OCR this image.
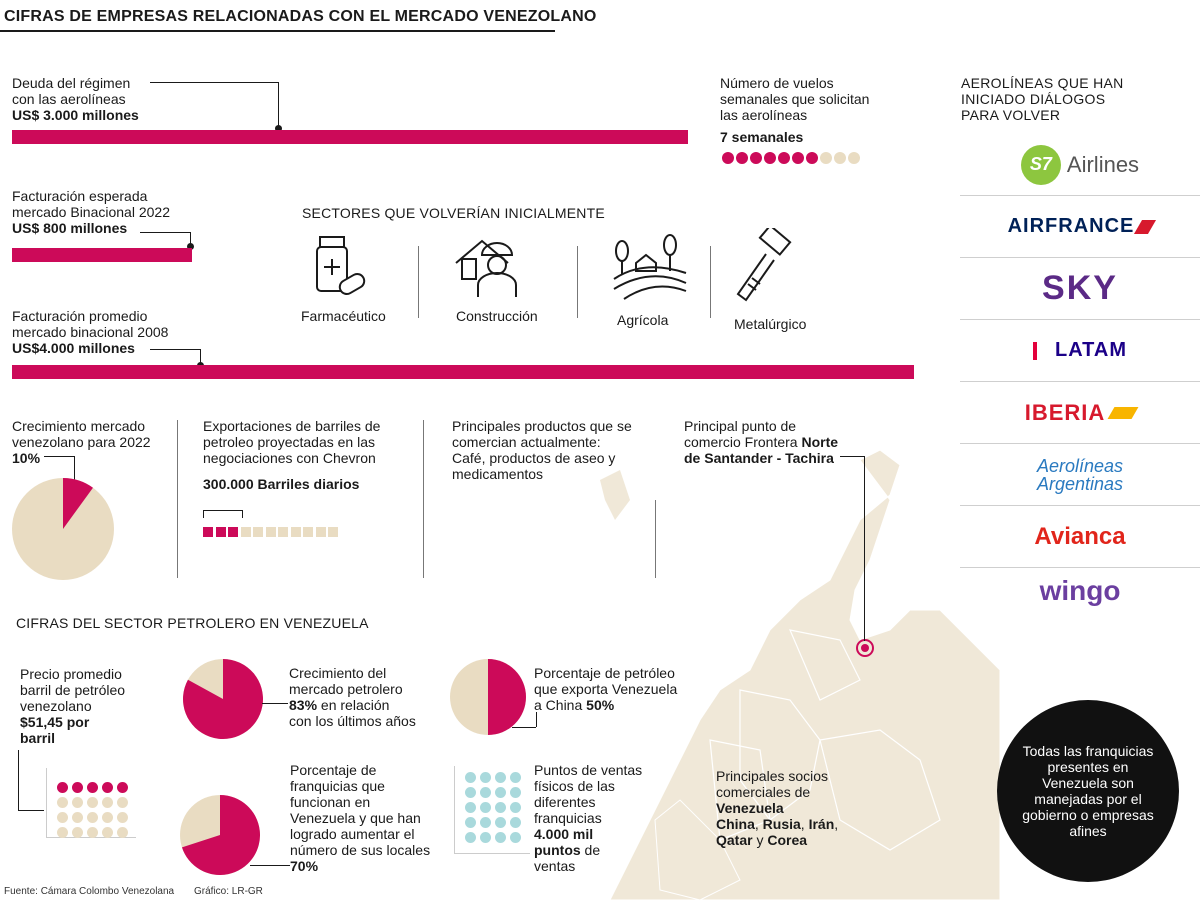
CIFRAS DE EMPRESAS RELACIONADAS CON EL MERCADO VENEZOLANO
Deuda del régimen
con las aerolíneas
US$ 3.000 millones
Número de vuelos
semanales que solicitan
las aerolíneas
7 semanales
Facturación esperada
mercado Binacional 2022
US$ 800 millones
SECTORES QUE VOLVERÍAN INICIALMENTE
Farmacéutico	Construcción	Agrícola	Metalúrgico
Facturación promedio
mercado binacional 2008
US$4.000 millones
AEROLÍNEAS QUE HAN
INICIADO DIÁLOGOS
PARA VOLVER
S7 Airlines
AIRFRANCE
SKY
LATAM
IBERIA
Aerolíneas
Argentinas
Avianca
wingo
Crecimiento mercado
venezolano para 2022
10%
Exportaciones de barriles de
petroleo proyectadas en las
negociaciones con Chevron
300.000 Barriles diarios
Principales productos que se
comercian actualmente:
Café, productos de aseo y
medicamentos
Principal punto de
comercio Frontera Norte
de Santander - Tachira
CIFRAS DEL SECTOR PETROLERO EN VENEZUELA
Precio promedio
barril de petróleo
venezolano
$51,45 por
barril
Crecimiento del
mercado petrolero
83% en relación
con los últimos años
Porcentaje de petróleo
que exporta Venezuela
a China 50%
Porcentaje de
franquicias que
funcionan en
Venezuela y que han
logrado aumentar el
número de sus locales
70%
Puntos de ventas
físicos de las
diferentes
franquicias
4.000 mil
puntos de
ventas
Principales socios
comerciales de
Venezuela
China, Rusia, Irán,
Qatar y Corea
Todas las franquicias presentes en Venezuela son manejadas por el gobierno o empresas afines
Fuente: Cámara Colombo Venezolana Gráfico: LR-GR
